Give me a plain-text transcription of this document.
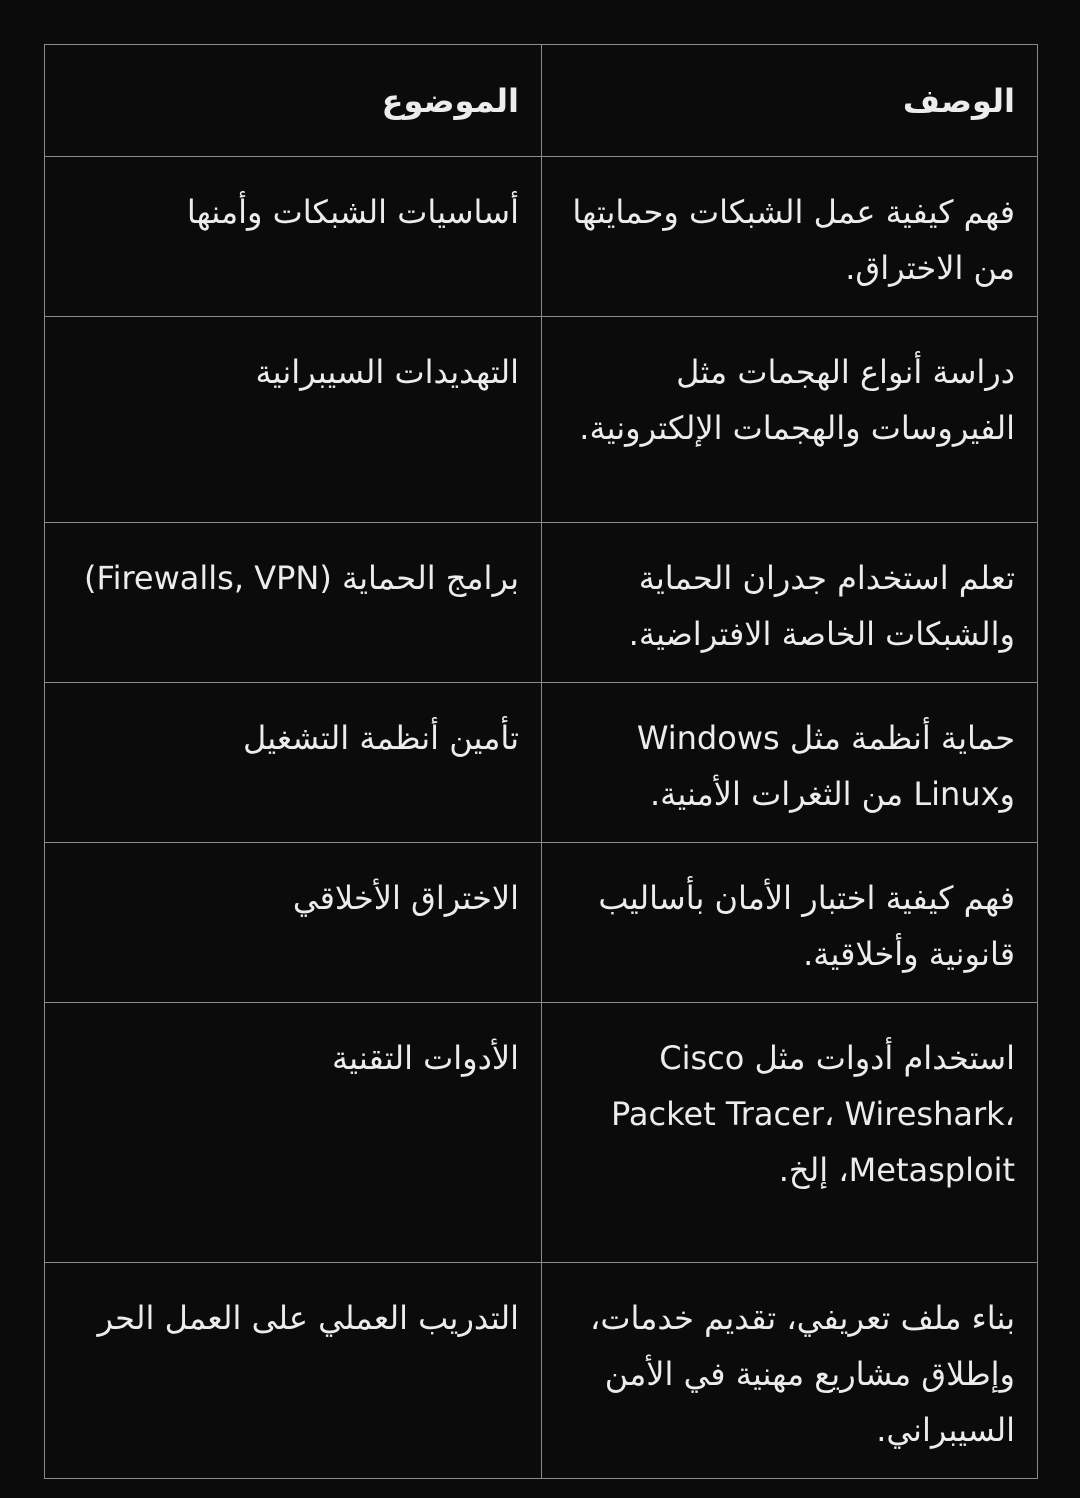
الوصف	الموضوع
فهم كيفية عمل الشبكات وحمايتها من الاختراق.	أساسيات الشبكات وأمنها
دراسة أنواع الهجمات مثل الفيروسات والهجمات الإلكترونية.	التهديدات السيبرانية
تعلم استخدام جدران الحماية والشبكات الخاصة الافتراضية.	برامج الحماية (Firewalls, VPN)
حماية أنظمة مثل Windows وLinux من الثغرات الأمنية.	تأمين أنظمة التشغيل
فهم كيفية اختبار الأمان بأساليب قانونية وأخلاقية.	الاختراق الأخلاقي
استخدام أدوات مثل Cisco Packet Tracer، Wireshark، Metasploit، إلخ.	الأدوات التقنية
بناء ملف تعريفي، تقديم خدمات، وإطلاق مشاريع مهنية في الأمن السيبراني.	التدريب العملي على العمل الحر
